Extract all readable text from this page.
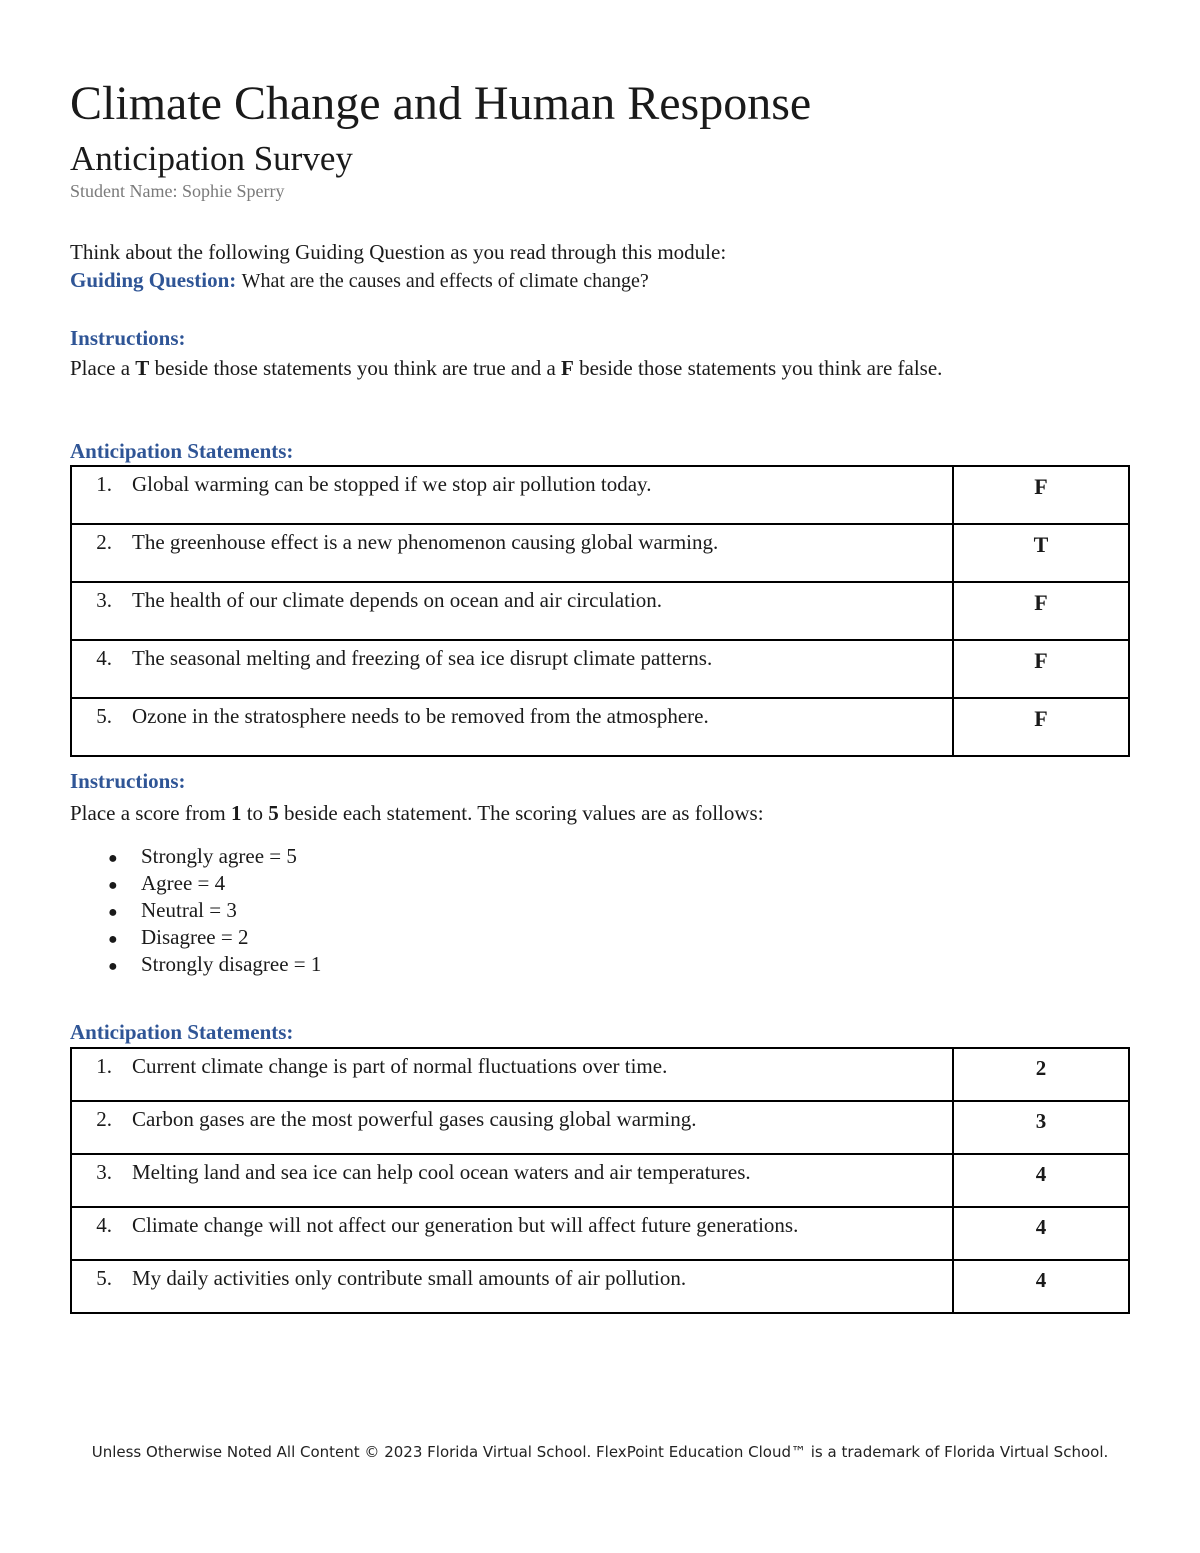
Climate Change and Human Response
Anticipation Survey
Student Name: Sophie Sperry
Think about the following Guiding Question as you read through this module:
Guiding Question: What are the causes and effects of climate change?
Instructions:
Place a T beside those statements you think are true and a F beside those statements you think are false.
Anticipation Statements:
1. Global warming can be stopped if we stop air pollution today.	F
2. The greenhouse effect is a new phenomenon causing global warming.	T
3. The health of our climate depends on ocean and air circulation.	F
4. The seasonal melting and freezing of sea ice disrupt climate patterns.	F
5. Ozone in the stratosphere needs to be removed from the atmosphere.	F
Instructions:
Place a score from 1 to 5 beside each statement. The scoring values are as follows:
● Strongly agree = 5
● Agree = 4
● Neutral = 3
● Disagree = 2
● Strongly disagree = 1
Anticipation Statements:
1. Current climate change is part of normal fluctuations over time.	2
2. Carbon gases are the most powerful gases causing global warming.	3
3. Melting land and sea ice can help cool ocean waters and air temperatures.	4
4. Climate change will not affect our generation but will affect future generations.	4
5. My daily activities only contribute small amounts of air pollution.	4
Unless Otherwise Noted All Content © 2023 Florida Virtual School. FlexPoint Education Cloud™ is a trademark of Florida Virtual School.
